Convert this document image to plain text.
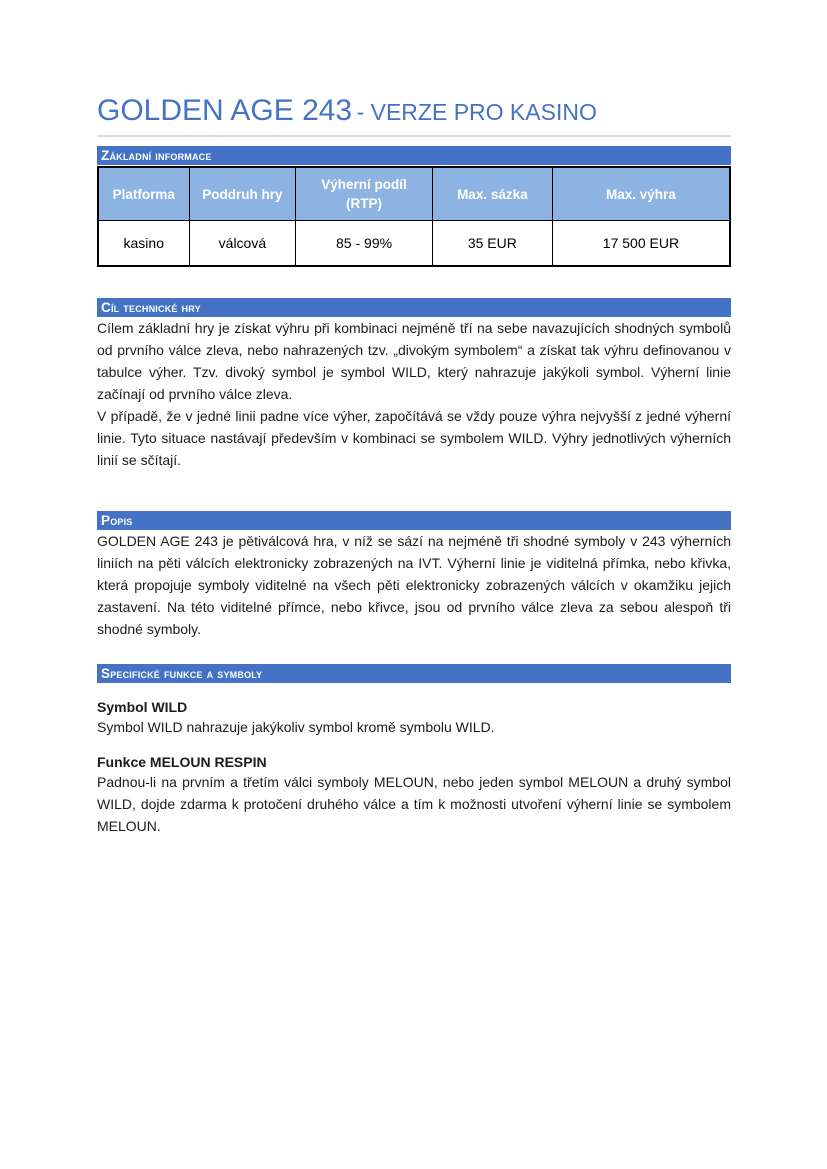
GOLDEN AGE 243 - VERZE PRO KASINO
Základní informace
Platforma	Poddruh hry	Výherní podíl (RTP)	Max. sázka	Max. výhra
kasino	válcová	85 - 99%	35 EUR	17 500 EUR
Cíl technické hry

Cílem základní hry je získat výhru při kombinaci nejméně tří na sebe navazujících shodných symbolů od prvního válce zleva, nebo nahrazených tzv. „divokým symbolem“ a získat tak výhru definovanou v tabulce výher. Tzv. divoký symbol je symbol WILD, který nahrazuje jakýkoli symbol. Výherní linie začínají od prvního válce zleva.

V případě, že v jedné linii padne více výher, započítává se vždy pouze výhra nejvyšší z jedné výherní linie. Tyto situace nastávají především v kombinaci se symbolem WILD. Výhry jednotlivých výherních linií se sčítají.

Popis

GOLDEN AGE 243 je pětiválcová hra, v níž se sází na nejméně tři shodné symboly v 243 výherních liniích na pěti válcích elektronicky zobrazených na IVT. Výherní linie je viditelná přímka, nebo křivka, která propojuje symboly viditelné na všech pěti elektronicky zobrazených válcích v okamžiku jejich zastavení. Na této viditelné přímce, nebo křivce, jsou od prvního válce zleva za sebou alespoň tři shodné symboly.

Specifické funkce a symboly
Symbol WILD

Symbol WILD nahrazuje jakýkoliv symbol kromě symbolu WILD.

Funkce MELOUN RESPIN

Padnou-li na prvním a třetím válci symboly MELOUN, nebo jeden symbol MELOUN a druhý symbol WILD, dojde zdarma k protočení druhého válce a tím k možnosti utvoření výherní linie se symbolem MELOUN.
